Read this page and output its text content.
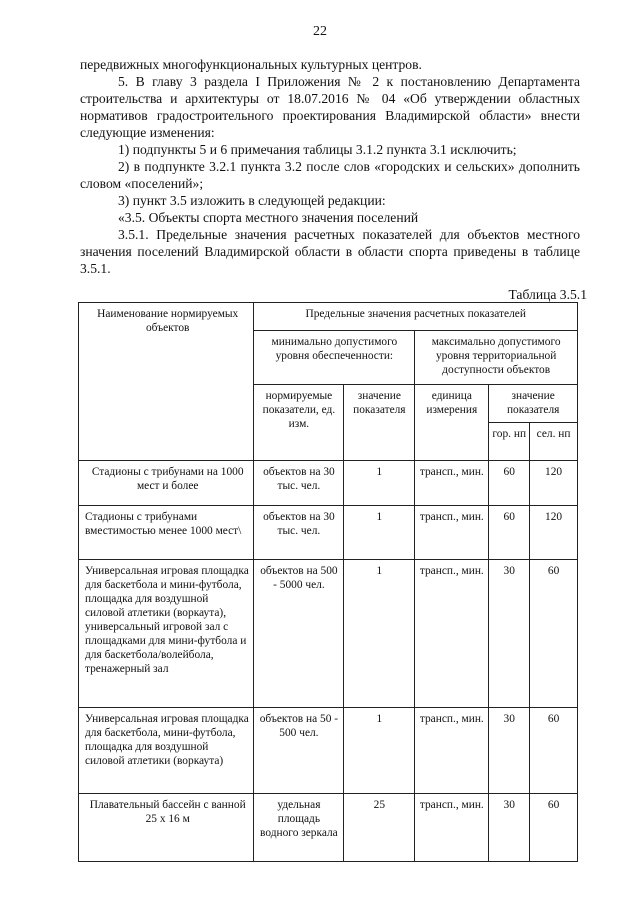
22

передвижных многофункциональных культурных центров.

5. В главу 3 раздела I Приложения № 2 к постановлению Департамента строительства и архитектуры от 18.07.2016 № 04 «Об утверждении областных нормативов градостроительного проектирования Владимирской области» внести следующие изменения:

1) подпункты 5 и 6 примечания таблицы 3.1.2 пункта 3.1 исключить;

2) в подпункте 3.2.1 пункта 3.2 после слов «городских и сельских» дополнить словом «поселений»;

3) пункт 3.5 изложить в следующей редакции:

«3.5. Объекты спорта местного значения поселений

3.5.1. Предельные значения расчетных показателей для объектов местного значения поселений Владимирской области в области спорта приведены в таблице 3.5.1.

Таблица 3.5.1
Наименование нормируемых объектов	Предельные значения расчетных показателей				
	минимально допустимого уровня обеспеченности:		максимально допустимого уровня территориальной доступности объектов		
	нормируемые показатели, ед. изм.	значение показателя	единица измерения	значение показателя	
				гор. нп	сел. нп
Стадионы с трибунами на 1000 мест и более	объектов на 30 тыс. чел.	1	трансп., мин.	60	120
Стадионы с трибунами вместимостью менее 1000 мест\	объектов на 30 тыс. чел.	1	трансп., мин.	60	120
Универсальная игровая площадка для баскетбола и мини-футбола, площадка для воздушной силовой атлетики (воркаута), универсальный игровой зал с площадками для мини-футбола и для баскетбола/волейбола, тренажерный зал	объектов на 500 - 5000 чел.	1	трансп., мин.	30	60
Универсальная игровая площадка для баскетбола, мини-футбола, площадка для воздушной силовой атлетики (воркаута)	объектов на 50 - 500 чел.	1	трансп., мин.	30	60
Плавательный бассейн с ванной 25 х 16 м	удельная площадь водного зеркала	25	трансп., мин.	30	60
